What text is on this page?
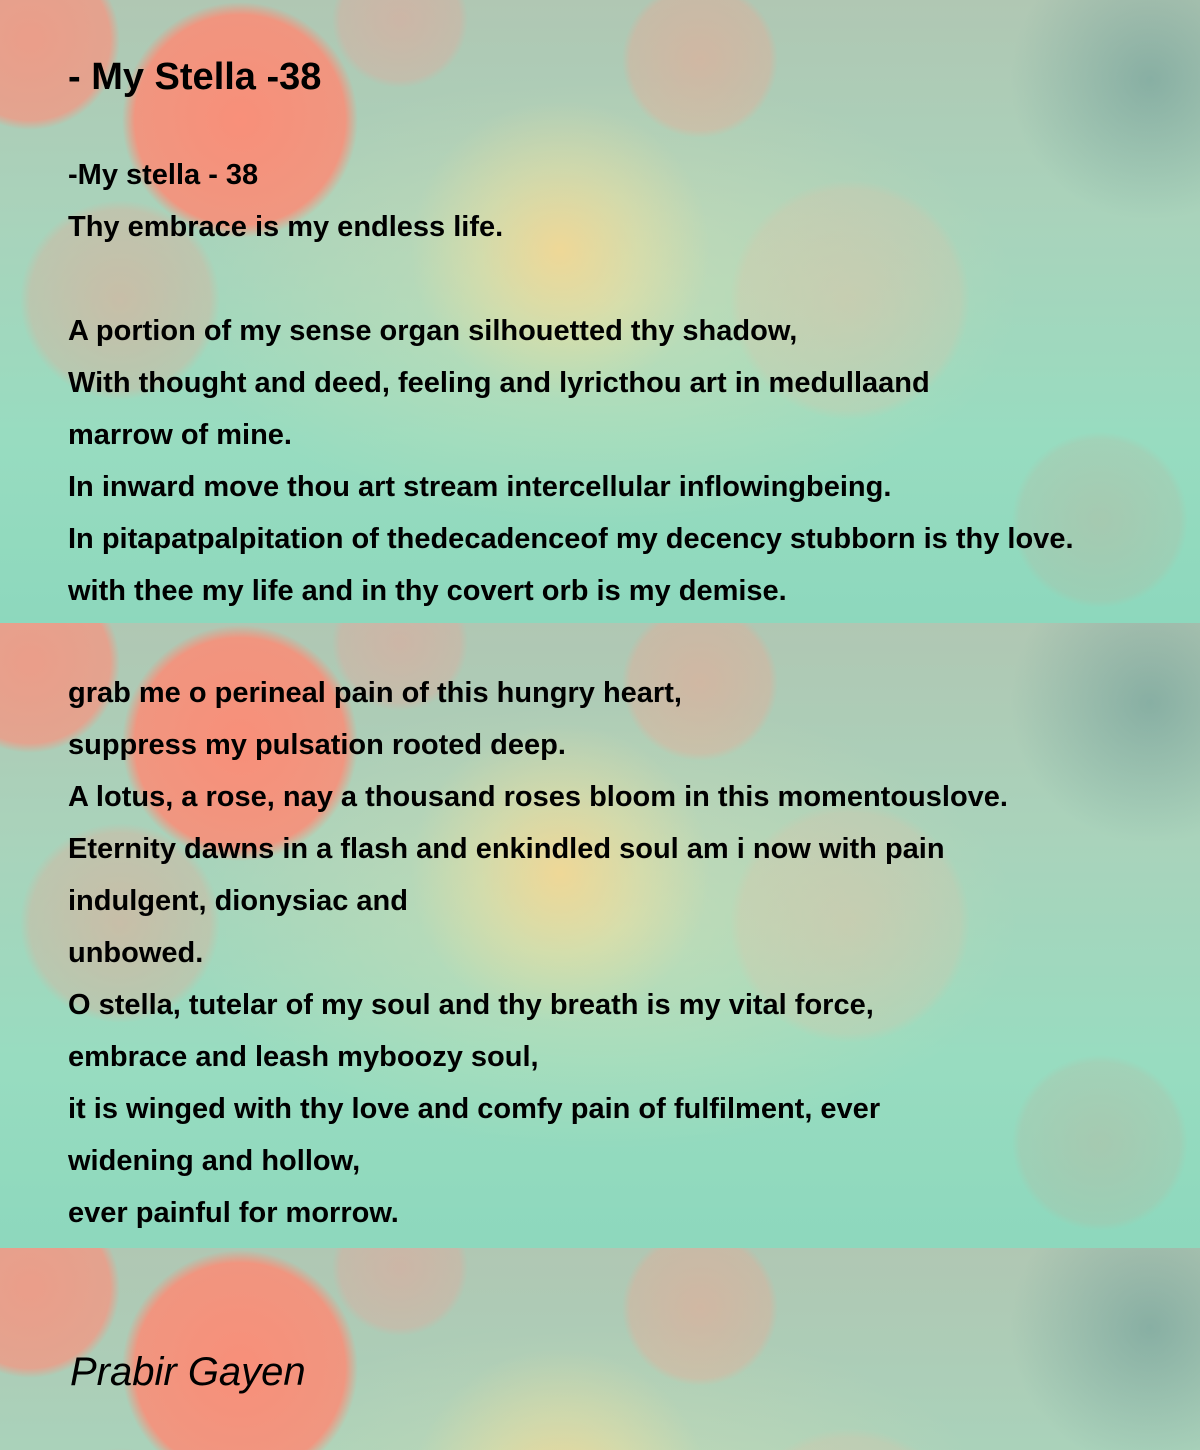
- My Stella -38
-My stella - 38
Thy embrace is my endless life.
A portion of my sense organ silhouetted thy shadow,
With thought and deed, feeling and lyricthou art in medullaand
marrow of mine.
In inward move thou art stream intercellular inflowingbeing.
In pitapatpalpitation of thedecadenceof my decency stubborn is thy love.
with thee my life and in thy covert orb is my demise.
grab me o perineal pain of this hungry heart,
suppress my pulsation rooted deep.
A lotus, a rose, nay a thousand roses bloom in this momentouslove.
Eternity dawns in a flash and enkindled soul am i now with pain
indulgent, dionysiac and
unbowed.
O stella, tutelar of my soul and thy breath is my vital force,
embrace and leash myboozy soul,
it is winged with thy love and comfy pain of fulfilment, ever
widening and hollow,
ever painful for morrow.

Prabir Gayen
